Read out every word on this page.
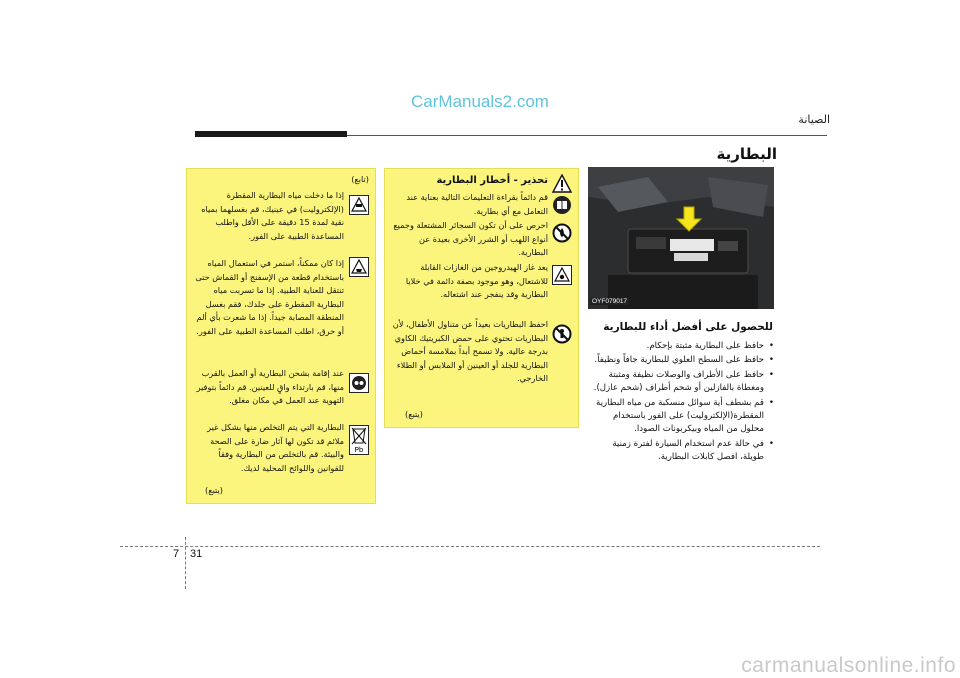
CarManuals2.com
الصيانة
البطارية
(تابع)
إذا ما دخلت مياه البطارية المقطرة (الإلكتروليت) في عينيك، قم بغسلهما بمياه نقية لمدة 15 دقيقة على الأقل واطلب المساعدة الطبية على الفور.
إذا كان ممكناً، استمر في استعمال المياه باستخدام قطعة من الإسفنج أو القماش حتى تنتقل للعناية الطبية. إذا ما تسربت مياه البطارية المقطرة على جلدك، فقم بغسل المنطقة المصابة جيداً. إذا ما شعرت بأي ألم أو حرق، اطلب المساعدة الطبية على الفور.
عند إقامة بشحن البطارية أو العمل بالقرب منها، قم بارتداء واقٍ للعينين. قم دائماً بتوفير التهوية عند العمل في مكان مغلق.
Pb
البطارية التي يتم التخلص منها بشكل غير ملائم قد تكون لها آثار ضارة على الصحة والبيئة. قم بالتخلص من البطارية وفقاً للقوانين واللوائح المحلية لديك.
(يتبع)
تحذير - أخطار البطارية
قم دائماً بقراءة التعليمات التالية بعناية عند التعامل مع أي بطارية.
احرص على أن تكون السجائر المشتعلة وجميع أنواع اللهب أو الشرر الأخرى بعيدة عن البطارية.
يعد غاز الهيدروجين من الغازات القابلة للاشتعال، وهو موجود بصفة دائمة في خلايا البطارية وقد ينفجر عند اشتعاله.
احفظ البطاريات بعيداً عن متناول الأطفال، لأن البطاريات تحتوي على حمض الكبريتيك الكاوي بدرجة عالية. ولا تسمح أبداً بملامسة أحماض البطارية للجلد أو العينين أو الملابس أو الطلاء الخارجي.
(يتبع)
OYF079017
للحصول على أفضل أداء للبطارية
•
حافظ على البطارية مثبتة بإحكام.
•
حافظ على السطح العلوي للبطارية جافاً ونظيفاً.
•
حافظ على الأطراف والوصلات نظيفة ومثبتة ومغطاة بالفازلين أو شحم أطراف (شحم عازل).
•
قم بشطف أية سوائل منسكبة من مياه البطارية المقطرة(الإلكتروليت) على الفور باستخدام محلول من المياه وبيكربونات الصودا.
•
في حالة عدم استخدام السيارة لفترة زمنية طويلة، افصل كابلات البطارية.
7 31
carmanualsonline.info
